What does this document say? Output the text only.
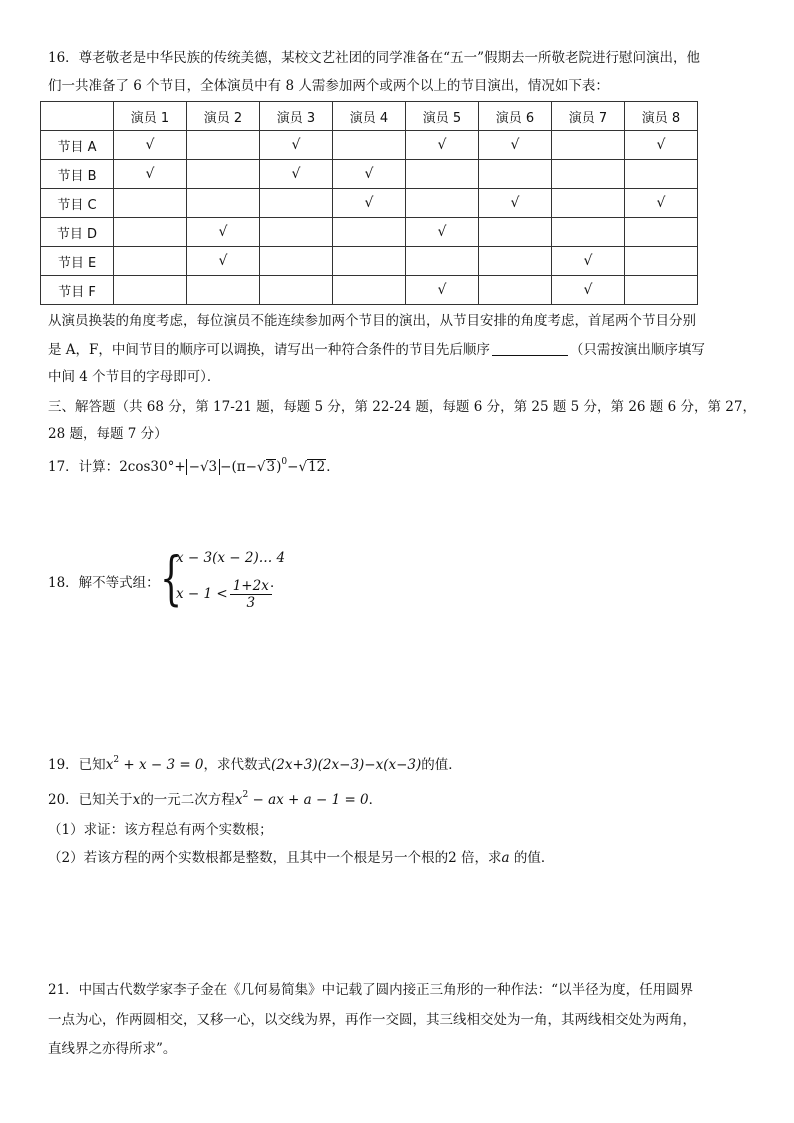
16．尊老敬老是中华民族的传统美德，某校文艺社团的同学准备在“五一”假期去一所敬老院进行慰问演出，他
们一共准备了 6 个节目，全体演员中有 8 人需参加两个或两个以上的节目演出，情况如下表：
	演员 1	演员 2	演员 3	演员 4	演员 5	演员 6	演员 7	演员 8
节目 A	√		√		√	√		√
节目 B	√		√	√				
节目 C				√		√		√
节目 D		√			√			
节目 E		√					√	
节目 F					√		√	
从演员换装的角度考虑，每位演员不能连续参加两个节目的演出，从节目安排的角度考虑，首尾两个节目分别
是 A，F，中间节目的顺序可以调换，请写出一种符合条件的节目先后顺序	（只需按演出顺序填写
中间 4 个节目的字母即可）．
三、解答题（共 68 分，第 17-21 题，每题 5 分，第 22-24 题，每题 6 分，第 25 题 5 分，第 26 题 6 分，第 27，
28 题，每题 7 分）
17．计算：$2\cos 30^\circ+ -√3 -(\pi-√3)^0-√12$．
18．解不等式组： {
x − 3(x − 2)… 4
$x - 1 < \frac{1+2x}{3}$
．
19．已知$x^2 + x - 3 = 0$，求代数式(2x+3)(2x−3)−x(x−3)的值．
20．已知关于x的一元二次方程$x^2$ − ax + a − 1 = 0．
（1）求证：该方程总有两个实数根；
（2）若该方程的两个实数根都是整数，且其中一个根是另一个根的2 倍，求a 的值．
21．中国古代数学家李子金在《几何易简集》中记载了圆内接正三角形的一种作法：“以半径为度，任用圆界
一点为心，作两圆相交，又移一心，以交线为界，再作一交圆，其三线相交处为一角，其两线相交处为两角，
直线界之亦得所求”。
